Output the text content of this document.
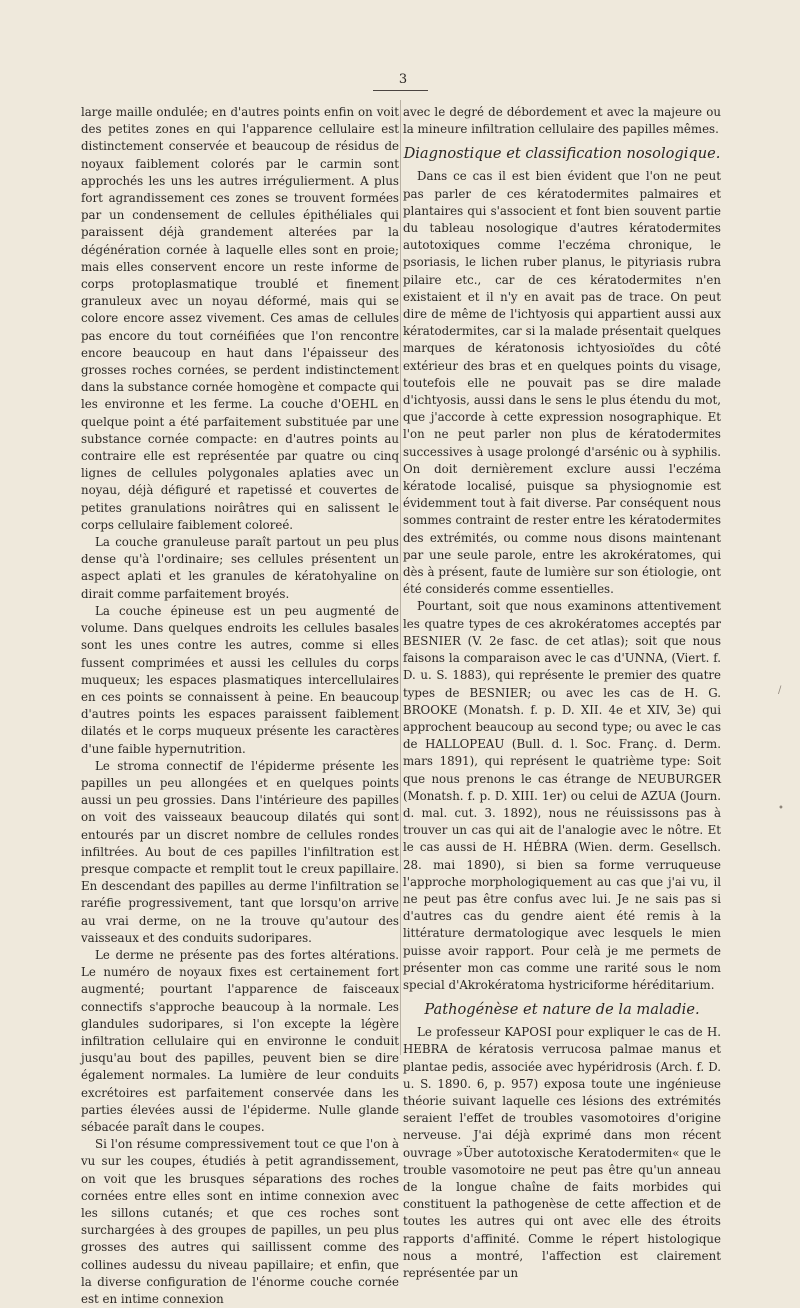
3

large maille ondulée; en d'autres points enfin on voit des petites zones en qui l'apparence cellulaire est distinctement conservée et beaucoup de résidus de noyaux faiblement colorés par le carmin sont approchés les uns les autres irrégulierment. A plus fort agrandissement ces zones se trouvent formées par un condensement de cellules épithéliales qui paraissent déjà grandement alterées par la dégénération cornée à laquelle elles sont en proie; mais elles conservent encore un reste informe de corps protoplasmatique troublé et finement granuleux avec un noyau déformé, mais qui se colore encore assez vivement. Ces amas de cellules pas encore du tout cornéifiées que l'on rencontre encore beaucoup en haut dans l'épaisseur des grosses roches cornées, se perdent indistinctement dans la substance cornée homogène et compacte qui les environne et les ferme. La couche d'OEHL en quelque point a été parfaitement substituée par une substance cornée compacte: en d'autres points au contraire elle est représentée par quatre ou cinq lignes de cellules polygonales aplaties avec un noyau, déjà défiguré et rapetissé et couvertes de petites granulations noirâtres qui en salissent le corps cellulaire faiblement coloreé.

La couche granuleuse paraît partout un peu plus dense qu'à l'ordinaire; ses cellules présentent un aspect aplati et les granules de kératohyaline on dirait comme parfaitement broyés.

La couche épineuse est un peu augmenté de volume. Dans quelques endroits les cellules basales sont les unes contre les autres, comme si elles fussent comprimées et aussi les cellules du corps muqueux; les espaces plasmatiques intercellulaires en ces points se connaissent à peine. En beaucoup d'autres points les espaces paraissent faiblement dilatés et le corps muqueux présente les caractères d'une faible hypernutrition.

Le stroma connectif de l'épiderme présente les papilles un peu allongées et en quelques points aussi un peu grossies. Dans l'intérieure des papilles on voit des vaisseaux beaucoup dilatés qui sont entourés par un discret nombre de cellules rondes infiltrées. Au bout de ces papilles l'infiltration est presque compacte et remplit tout le creux papillaire. En descendant des papilles au derme l'infiltration se raréfie progressivement, tant que lorsqu'on arrive au vrai derme, on ne la trouve qu'autour des vaisseaux et des conduits sudoripares.

Le derme ne présente pas des fortes altérations. Le numéro de noyaux fixes est certainement fort augmenté; pourtant l'apparence de faisceaux connectifs s'approche beaucoup à la normale. Les glandules sudoripares, si l'on excepte la légère infiltration cellulaire qui en environne le conduit jusqu'au bout des papilles, peuvent bien se dire également normales. La lumière de leur conduits excrétoires est parfaitement conservée dans les parties élevées aussi de l'épiderme. Nulle glande sébacée paraît dans le coupes.

Si l'on résume compressivement tout ce que l'on à vu sur les coupes, étudiés à petit agrandissement, on voit que les brusques séparations des roches cornées entre elles sont en intime connexion avec les sillons cutanés; et que ces roches sont surchargées à des groupes de papilles, un peu plus grosses des autres qui saillissent comme des collines audessu du niveau papillaire; et enfin, que la diverse conﬁguration de l'énorme couche cornée est en intime connexion

avec le degré de débordement et avec la majeure ou la mineure infiltration cellulaire des papilles mêmes.

Diagnostique et classification nosologique.

Dans ce cas il est bien évident que l'on ne peut pas parler de ces kératodermites palmaires et plantaires qui s'associent et font bien souvent partie du tableau nosologique d'autres kératodermites autotoxiques comme l'eczéma chronique, le psoriasis, le lichen ruber planus, le pityriasis rubra pilaire etc., car de ces kératodermites n'en existaient et il n'y en avait pas de trace. On peut dire de même de l'ichtyosis qui appartient aussi aux kératodermites, car si la malade présentait quelques marques de kératonosis ichtyosioïdes du côté extérieur des bras et en quelques points du visage, toutefois elle ne pouvait pas se dire malade d'ichtyosis, aussi dans le sens le plus étendu du mot, que j'accorde à cette expression nosographique. Et l'on ne peut parler non plus de kératodermites successives à usage prolongé d'arsénic ou à syphilis. On doit dernièrement exclure aussi l'eczéma kératode localisé, puisque sa physiognomie est évidemment tout à fait diverse. Par conséquent nous sommes contraint de rester entre les kératodermites des extrémités, ou comme nous disons maintenant par une seule parole, entre les akrokératomes, qui dès à présent, faute de lumière sur son étiologie, ont été considerés comme essentielles.

Pourtant, soit que nous examinons attentivement les quatre types de ces akrokératomes acceptés par BESNIER (V. 2e fasc. de cet atlas); soit que nous faisons la comparaison avec le cas d'UNNA, (Viert. f. D. u. S. 1883), qui représente le premier des quatre types de BESNIER; ou avec les cas de H. G. BROOKE (Monatsh. f. p. D. XII. 4e et XIV, 3e) qui approchent beaucoup au second type; ou avec le cas de HALLOPEAU (Bull. d. l. Soc. Franç. d. Derm. mars 1891), qui représent le quatrième type: Soit que nous prenons le cas étrange de NEUBURGER (Monatsh. f. p. D. XIII. 1er) ou celui de AZUA (Journ. d. mal. cut. 3. 1892), nous ne réuississons pas à trouver un cas qui ait de l'analogie avec le nôtre. Et le cas aussi de H. HÉBRA (Wien. derm. Gesellsch. 28. mai 1890), si bien sa forme verruqueuse l'approche morphologiquement au cas que j'ai vu, il ne peut pas être confus avec lui. Je ne sais pas si d'autres cas du gendre aient été remis à la littérature dermatologique avec lesquels le mien puisse avoir rapport. Pour celà je me permets de présenter mon cas comme une rarité sous le nom special d'Akrokératoma hystriciforme héréditarium.

Pathogénèse et nature de la maladie.

Le professeur KAPOSI pour expliquer le cas de H. HEBRA de kératosis verrucosa palmae manus et plantae pedis, associée avec hypéridrosis (Arch. f. D. u. S. 1890. 6, p. 957) exposa toute une ingénieuse théorie suivant laquelle ces lésions des extrémités seraient l'effet de troubles vasomotoires d'origine nerveuse. J'ai déjà exprimé dans mon récent ouvrage »Über autotoxische Keratodermiten« que le trouble vasomotoire ne peut pas être qu'un anneau de la longue chaîne de faits morbides qui constituent la pathogenèse de cette affection et de toutes les autres qui ont avec elle des étroits rapports d'affinité. Comme le répert histologique nous a montré, l'affection est clairement représentée par un

/
•
